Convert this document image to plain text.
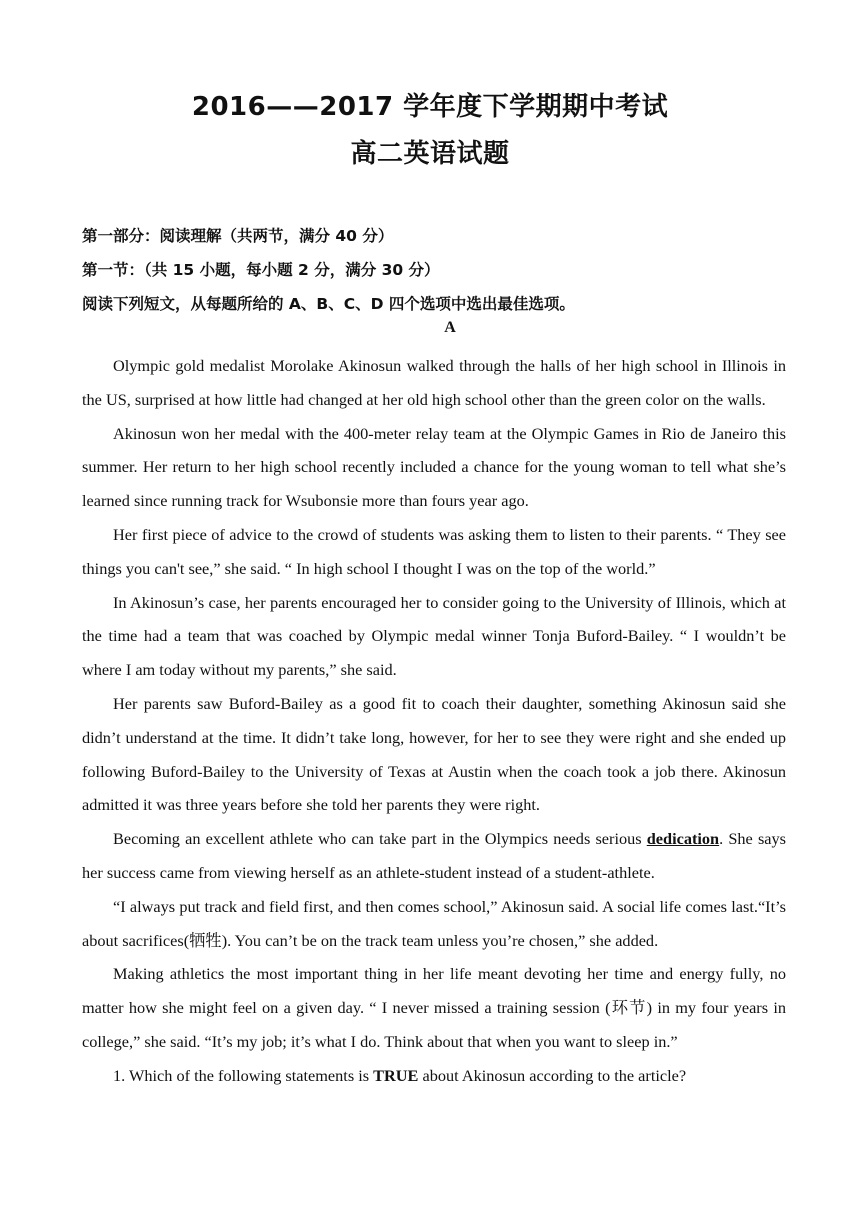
2016——2017 学年度下学期期中考试
高二英语试题
第一部分：阅读理解（共两节，满分 40 分）
第一节：（共 15 小题，每小题 2 分，满分 30 分）
阅读下列短文，从每题所给的 A、B、C、D 四个选项中选出最佳选项。
A

Olympic gold medalist Morolake Akinosun walked through the halls of her high school in Illinois in the US, surprised at how little had changed at her old high school other than the green color on the walls.

Akinosun won her medal with the 400-meter relay team at the Olympic Games in Rio de Janeiro this summer. Her return to her high school recently included a chance for the young woman to tell what she’s learned since running track for Wsubonsie more than fours year ago.

Her first piece of advice to the crowd of students was asking them to listen to their parents. “ They see things you can't see,” she said. “ In high school I thought I was on the top of the world.”

In Akinosun’s case, her parents encouraged her to consider going to the University of Illinois, which at the time had a team that was coached by Olympic medal winner Tonja Buford-Bailey. “ I wouldn’t be where I am today without my parents,” she said.

Her parents saw Buford-Bailey as a good fit to coach their daughter, something Akinosun said she didn’t understand at the time. It didn’t take long, however, for her to see they were right and she ended up following Buford-Bailey to the University of Texas at Austin when the coach took a job there. Akinosun admitted it was three years before she told her parents they were right.

Becoming an excellent athlete who can take part in the Olympics needs serious dedication. She says her success came from viewing herself as an athlete-student instead of a student-athlete.

“I always put track and field first, and then comes school,” Akinosun said. A social life comes last.“It’s about sacrifices(牺牲). You can’t be on the track team unless you’re chosen,” she added.

Making athletics the most important thing in her life meant devoting her time and energy fully, no matter how she might feel on a given day. “ I never missed a training session (环节) in my four years in college,” she said. “It’s my job; it’s what I do. Think about that when you want to sleep in.”

1. Which of the following statements is TRUE about Akinosun according to the article?
